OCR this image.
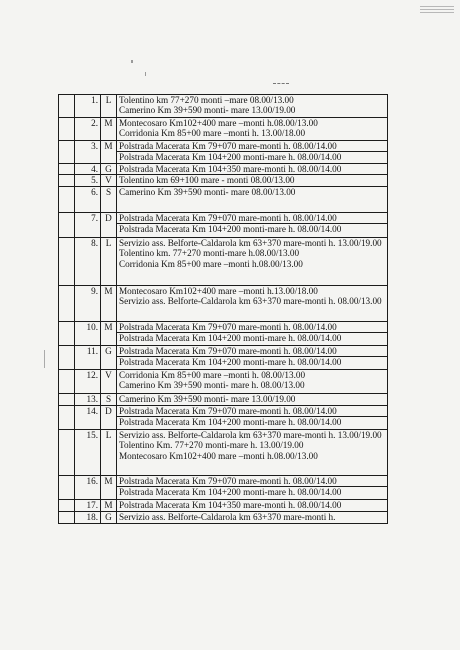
	1.	L	Tolentino km 77+270 monti –mare 08.00/13.00
Camerino Km 39+590 monti- mare 13.00/19.00

	2.	M	Montecosaro Km102+400 mare –monti h.08.00/13.00
Corridonia Km 85+00 mare –monti h. 13.00/18.00

	3.	M	Polstrada Macerata Km 79+070 mare-monti h. 08.00/14.00
Polstrada Macerata Km 104+200 monti-mare h. 08.00/14.00

	4.	G	Polstrada Macerata Km 104+350 mare-monti h. 08.00/14.00

	5.	V	Tolentino km 69+100 mare - monti 08.00/13.00

	6.	S	Camerino Km 39+590 monti- mare 08.00/13.00

	7.	D	Polstrada Macerata Km 79+070 mare-monti h. 08.00/14.00
Polstrada Macerata Km 104+200 monti-mare h. 08.00/14.00

	8.	L	Servizio ass. Belforte-Caldarola km 63+370 mare-monti h. 13.00/19.00
Tolentino km. 77+270 monti-mare h.08.00/13.00
Corridonia Km 85+00 mare –monti h.08.00/13.00

	9.	M	Montecosaro Km102+400 mare –monti h.13.00/18.00
Servizio ass. Belforte-Caldarola km 63+370 mare-monti h. 08.00/13.00

	10.	M	Polstrada Macerata Km 79+070 mare-monti h. 08.00/14.00
Polstrada Macerata Km 104+200 monti-mare h. 08.00/14.00

	11.	G	Polstrada Macerata Km 79+070 mare-monti h. 08.00/14.00
Polstrada Macerata Km 104+200 monti-mare h. 08.00/14.00

	12.	V	Corridonia Km 85+00 mare –monti h. 08.00/13.00
Camerino Km 39+590 monti- mare h. 08.00/13.00

	13.	S	Camerino Km 39+590 monti- mare 13.00/19.00

	14.	D	Polstrada Macerata Km 79+070 mare-monti h. 08.00/14.00
Polstrada Macerata Km 104+200 monti-mare h. 08.00/14.00

	15.	L	Servizio ass. Belforte-Caldarola km 63+370 mare-monti h. 13.00/19.00
Tolentino Km. 77+270 monti-mare h. 13.00/19.00
Montecosaro Km102+400 mare –monti h.08.00/13.00

	16.	M	Polstrada Macerata Km 79+070 mare-monti h. 08.00/14.00
Polstrada Macerata Km 104+200 monti-mare h. 08.00/14.00

	17.	M	Polstrada Macerata Km 104+350 mare-monti h. 08.00/14.00

	18.	G	Servizio ass. Belforte-Caldarola km 63+370 mare-monti h.
